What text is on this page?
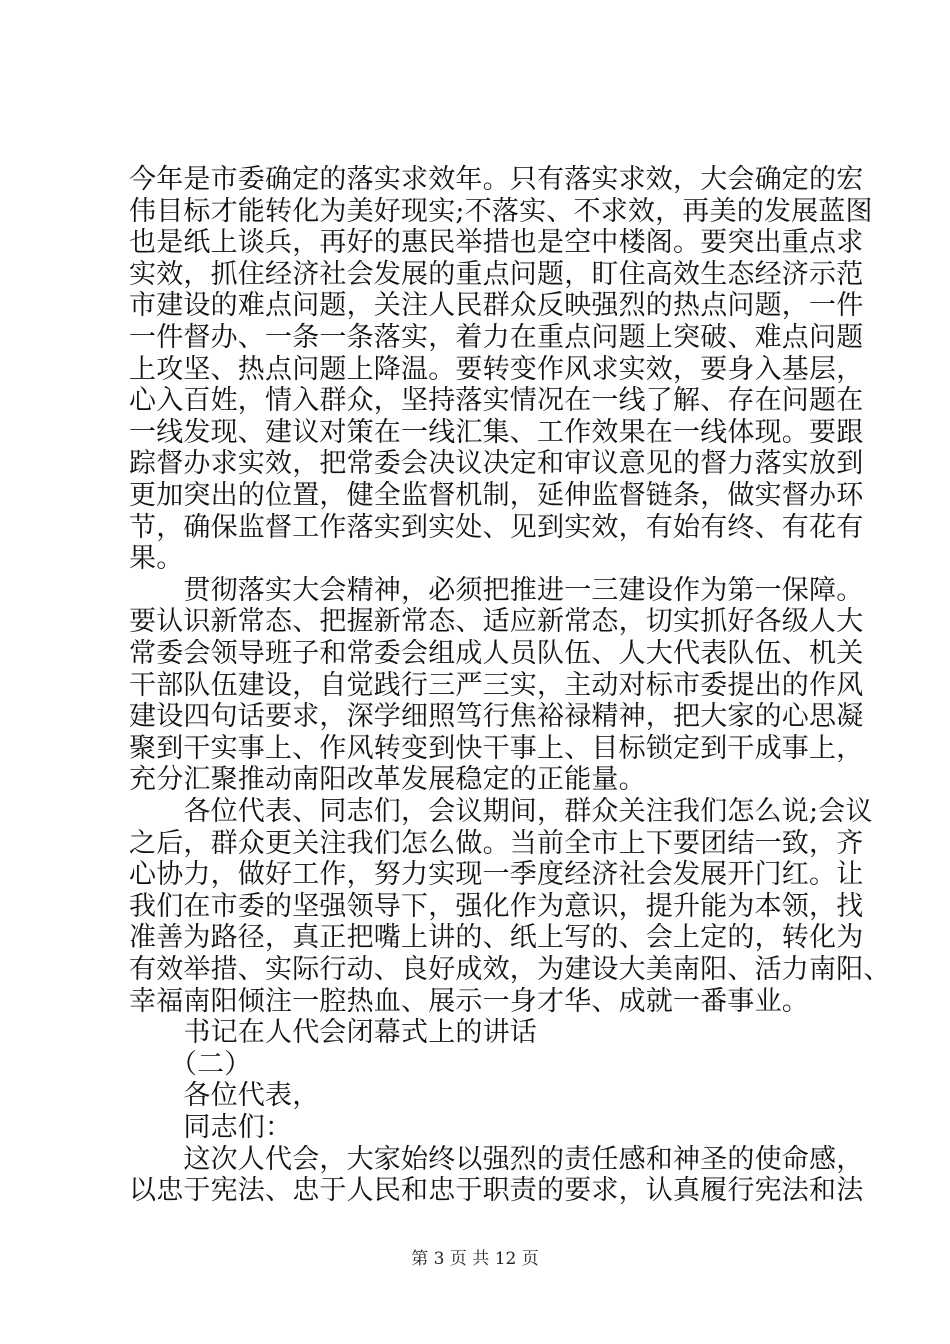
今年是市委确定的落实求效年。只有落实求效，大会确定的宏
伟目标才能转化为美好现实;不落实、不求效，再美的发展蓝图
也是纸上谈兵，再好的惠民举措也是空中楼阁。要突出重点求
实效，抓住经济社会发展的重点问题，盯住高效生态经济示范
市建设的难点问题，关注人民群众反映强烈的热点问题，一件
一件督办、一条一条落实，着力在重点问题上突破、难点问题
上攻坚、热点问题上降温。要转变作风求实效，要身入基层，
心入百姓，情入群众，坚持落实情况在一线了解、存在问题在
一线发现、建议对策在一线汇集、工作效果在一线体现。要跟
踪督办求实效，把常委会决议决定和审议意见的督力落实放到
更加突出的位置，健全监督机制，延伸监督链条，做实督办环
节，确保监督工作落实到实处、见到实效，有始有终、有花有
果。
　　贯彻落实大会精神，必须把推进一三建设作为第一保障。
要认识新常态、把握新常态、适应新常态，切实抓好各级人大
常委会领导班子和常委会组成人员队伍、人大代表队伍、机关
干部队伍建设，自觉践行三严三实，主动对标市委提出的作风
建设四句话要求，深学细照笃行焦裕禄精神，把大家的心思凝
聚到干实事上、作风转变到快干事上、目标锁定到干成事上，
充分汇聚推动南阳改革发展稳定的正能量。
　　各位代表、同志们，会议期间，群众关注我们怎么说;会议
之后，群众更关注我们怎么做。当前全市上下要团结一致，齐
心协力，做好工作，努力实现一季度经济社会发展开门红。让
我们在市委的坚强领导下，强化作为意识，提升能为本领，找
准善为路径，真正把嘴上讲的、纸上写的、会上定的，转化为
有效举措、实际行动、良好成效，为建设大美南阳、活力南阳、
幸福南阳倾注一腔热血、展示一身才华、成就一番事业。
　　书记在人代会闭幕式上的讲话
　　（二）
　　各位代表，
　　同志们：
　　这次人代会，大家始终以强烈的责任感和神圣的使命感，
以忠于宪法、忠于人民和忠于职责的要求，认真履行宪法和法
第 3 页 共 12 页
